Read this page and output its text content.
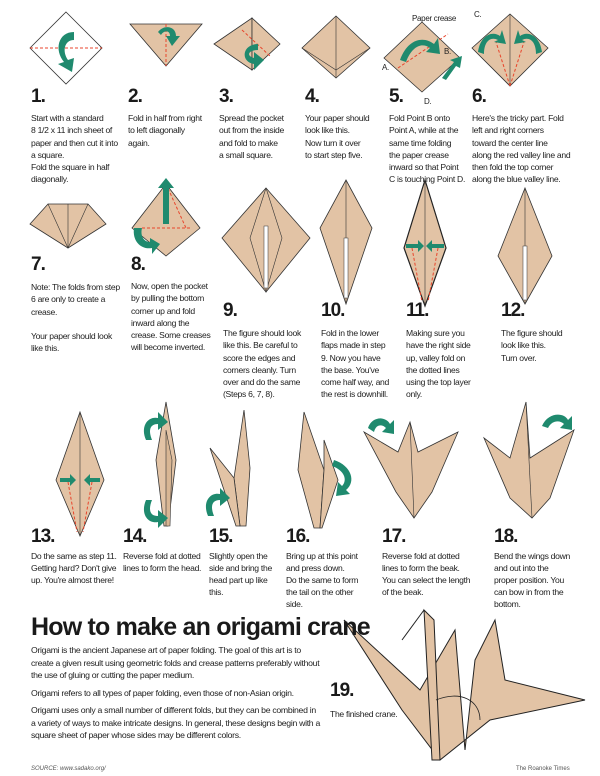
Paper crease C.
B.
A.
D.
1.
Start with a standard
8 1/2 x 11 inch sheet of
paper and then cut it into
a square.
Fold the square in half
diagonally.
2.
Fold in half from right
to left diagonally
again.
3.
Spread the pocket
out from the inside
and fold to make
a small square.
4.
Your paper should
look like this.
Now turn it over
to start step five.
5.
Fold Point B onto
Point A, while at the
same time folding
the paper crease
inward so that Point
C is touching Point D.
6.
Here's the tricky part. Fold
left and right corners
toward the center line
along the red valley line and
then fold the top corner
along the blue valley line.
7.
Note: The folds from step
6 are only to create a
crease.

Your paper should look
like this.
8.
Now, open the pocket
by pulling the bottom
corner up and fold
inward along the
crease. Some creases
will become inverted.
9.
The figure should look
like this. Be careful to
score the edges and
corners cleanly. Turn
over and do the same
(Steps 6, 7, 8).
10.
Fold in the lower
flaps made in step
9. Now you have
the base. You've
come half way, and
the rest is downhill.
11.
Making sure you
have the right side
up, valley fold on
the dotted lines
using the top layer
only.
12.
The figure should
look like this.
Turn over.
13.
Do the same as step 11.
Getting hard? Don't give
up. You're almost there!
14.
Reverse fold at dotted
lines to form the head.
15.
Slightly open the
side and bring the
head part up like
this.
16.
Bring up at this point
and press down.
Do the same to form
the tail on the other
side.
17.
Reverse fold at dotted
lines to form the beak.
You can select the length
of the beak.
18.
Bend the wings down
and out into the
proper position. You
can bow in from the
bottom.
19.
The finished crane.
How to make an origami crane

Origami is the ancient Japanese art of paper folding. The goal of this art is to create a given result using geometric folds and crease patterns preferably without the use of gluing or cutting the paper medium.

Origami refers to all types of paper folding, even those of non-Asian origin.

Origami uses only a small number of different folds, but they can be combined in a variety of ways to make intricate designs. In general, these designs begin with a square sheet of paper whose sides may be different colors.

SOURCE: www.sadako.org/	The Roanoke Times
